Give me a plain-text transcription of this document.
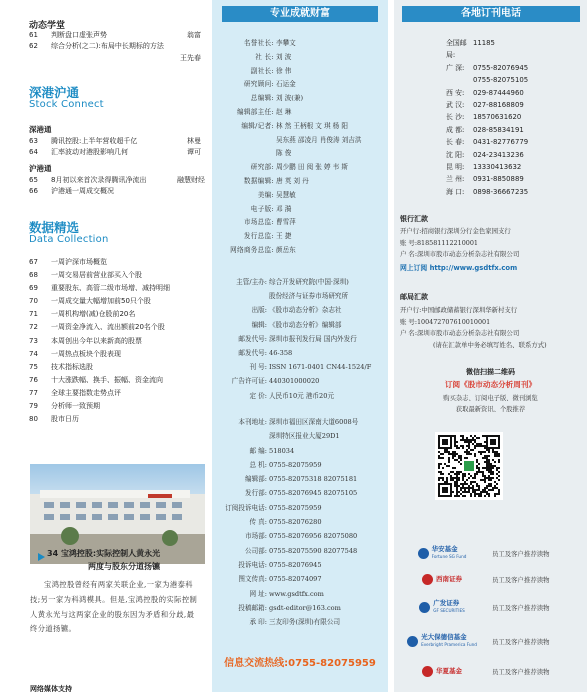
动态学堂
61	判断盘口虚张声势	翁富
62	综合分析(之二):布局中长期标的方法
王先春
深港沪通
Stock Connect
深港通
63	腾讯控股:上半年营收超千亿	林曼
64	汇率波动对港股影响几何	谭可
沪港通
65	8月初以来首次录得腾讯净流出	融慧财经
66	沪港通一周成交概况
数据精选
Data Collection
67	一周沪深市场概览
68	一周交易居前营业部买入个股
69	重要股东、高管二级市场增、减持明细
70	一周成交量大幅增加前50只个股
71	一周机构增(减)仓股前20名
72	一周资金净流入、流出额前20名个股
73	本周创出今年以来新高的股票
74	一周热点板块个股表现
75	技术指标选股
76	十大涨跌幅、换手、振幅、资金流向
77	全球主要指数走势点评
79	分析师一致预期
80	股市日历
34 宝鸿控股:实际控制人黄永光
两度与股东分道扬镳
宝鸿控股曾经有两家关联企业,一家为港泰科技;另一家为科鸿模具。但是,宝鸿控股的实际控制人黄永光与这两家企业的股东因为矛盾和分歧,最终分道扬镳。
网络媒体支持
专业成就财富
名誉社长: 李攀文
社 长: 刘 波
副社长: 徐 伟
研究顾问: 石运金
总编辑: 刘 波(兼)
编辑部主任: 赵 琳
编辑/记者: 林 然 王柄根 文 琪 杨 阳
吴东燕 邵凌月 肖俊涛 刘吉洪
陈 俊
研究部: 周少鹏 田 阅 张 婷 韦 斯
数据编辑: 唐 英 刘 丹
美编: 吴慧敏
电子版: 邓 漪
市场总监: 曹雪萍
发行总监: 王 捷
网络商务总监: 颜岳东
主管/主办: 综合开发研究院(中国·深圳)
股份经济与证券市场研究所
出版: 《股市动态分析》杂志社
编辑: 《股市动态分析》编辑部
邮发代号: 深圳市报刊发行局 国内外发行
邮发代号: 46-358
刊 号: ISSN 1671-0401 CN44-1524/F
广告许可证: 440301000020
定 价: 人民币10元 港币20元
本刊地址: 深圳市福田区深南大道6008号
深圳特区报业大厦29D1
邮 编: 518034
总 机: 0755-82075959
编辑部: 0755-82075318 82075181
发行部: 0755-82076945 82075105
订阅投诉电话: 0755-82075959
传 真: 0755-82076280
市场部: 0755-82076956 82075080
公司部: 0755-82075590 82077548
投诉电话: 0755-82076945
图文传真: 0755-82074097
网 址: www.gsdtfx.com
投稿邮箱: gsdt-editor@163.com
承 印: 三友印务(深圳)有限公司
信息交流热线:0755-82075959
各地订刊电话
全国邮局:
11185
广 深:	0755-82076945
0755-82075105
西 安:	029-87444960
武 汉:	027-88168809
长 沙:	18570631620
成 都:	028-85834191
长 春:	0431-82776779
沈 阳:	024-23413236
昆 明:	13330413632
兰 州:	0931-8850889
海 口:	0898-36667235
银行汇款
开户行:招商银行深圳分行金色家园支行
账 号:818581112210001
户 名:深圳市股市动态分析杂志社有限公司
网上订阅 http://www.gsdtfx.com
邮局汇款
开户行:中国邮政储蓄银行深圳华新村支行
账 号:100472707610010001
户 名:深圳市股市动态分析杂志社有限公司
(请在汇款单中务必填写姓名、联系方式)
微信扫描二维码
订阅《股市动态分析周刊》
购买杂志、订阅电子版、微刊浏览
获取最新资讯、个股推荐
华安基金
Fortune SG Fund	员工及客户推荐读物
西南证券	员工及客户推荐读物
广发证券
GF SECURITIES	员工及客户推荐读物
光大保德信基金
Everbright Pramerica Fund	员工及客户推荐读物
华夏基金	员工及客户推荐读物
